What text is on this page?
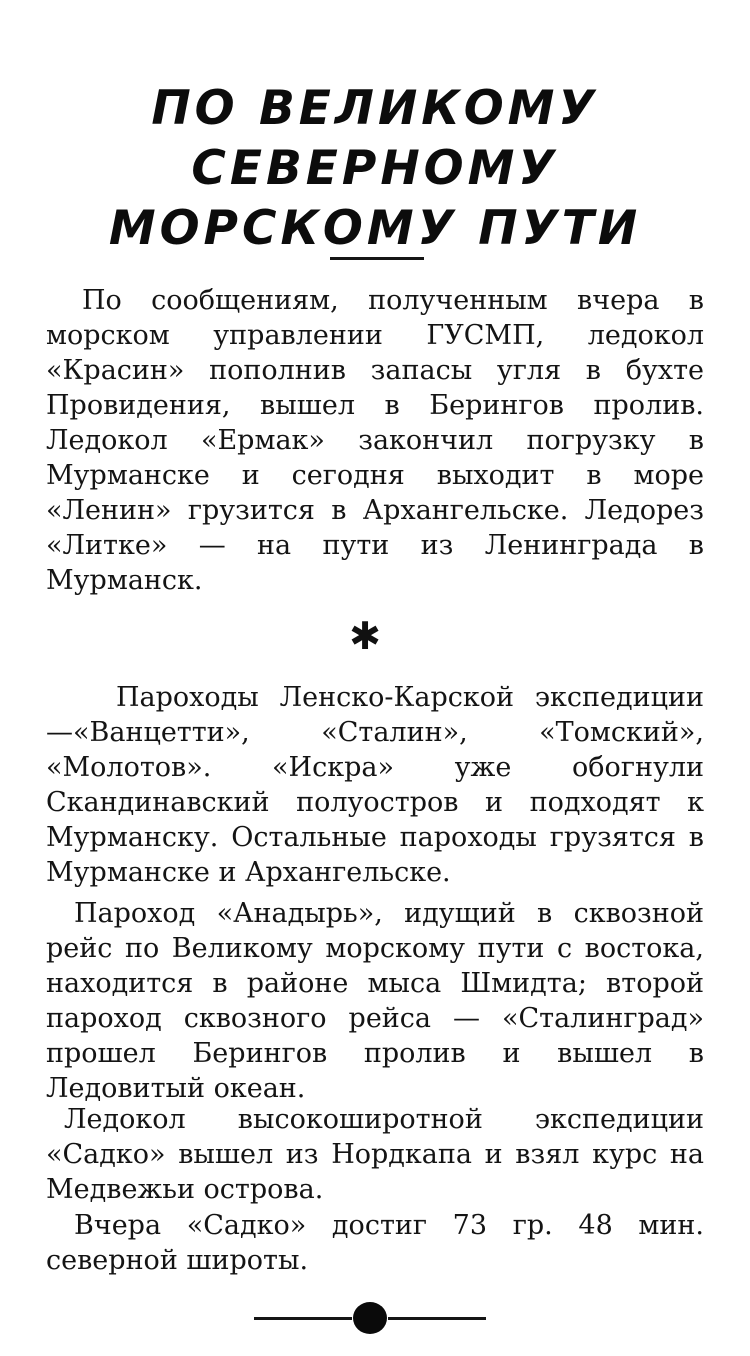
ПО ВЕЛИКОМУ
СЕВЕРНОМУ
МОРСКОМУ ПУТИ

По сообщениям, полученным вчера в морском управлении ГУСМП, ледокол «Красин» пополнив запасы угля в бухте Провидения, вышел в Берингов пролив. Ледокол «Ермак» закончил погрузку в Мурманске и сегодня выходит в море «Ленин» грузится в Архангельске. Ледорез «Литке» — на пути из Ленинграда в Мурманск.

✱

Пароходы Ленско-Карской экспедиции—«Ванцетти», «Сталин», «Томский», «Молотов». «Искра» уже обогнули Скандинавский полуостров и подходят к Мурманску. Остальные пароходы грузятся в Мурманске и Архангельске.

Пароход «Анадырь», идущий в сквозной рейс по Великому морскому пути с востока, находится в районе мыса Шмидта; второй пароход сквозного рейса — «Сталинград» прошел Берингов пролив и вышел в Ледовитый океан.

Ледокол высокоширотной экспедиции «Садко» вышел из Нордкапа и взял курс на Медвежьи острова.

Вчера «Садко» достиг 73 гр. 48 мин. северной широты.
